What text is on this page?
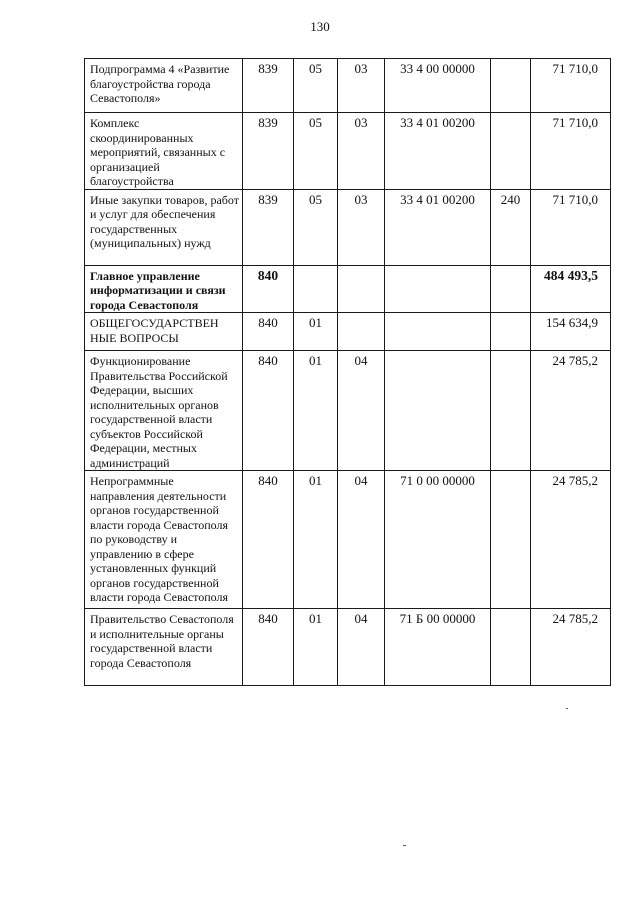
130
Подпрограмма 4 «Развитие благоустройства города Севастополя»	839	05	03	33 4 00 00000		71 710,0
Комплекс скоординированных мероприятий, связанных с организацией благоустройства	839	05	03	33 4 01 00200		71 710,0
Иные закупки товаров, работ и услуг для обеспечения государственных (муниципальных) нужд	839	05	03	33 4 01 00200	240	71 710,0
Главное управление информатизации и связи города Севастополя	840					484 493,5
ОБЩЕГОСУДАРСТВЕН НЫЕ ВОПРОСЫ	840	01				154 634,9
Функционирование Правительства Российской Федерации, высших исполнительных органов государственной власти субъектов Российской Федерации, местных администраций	840	01	04			24 785,2
Непрограммные направления деятельности органов государственной власти города Севастополя по руководству и управлению в сфере установленных функций органов государственной власти города Севастополя	840	01	04	71 0 00 00000		24 785,2
Правительство Севастополя и исполнительные органы государственной власти города Севастополя	840	01	04	71 Б 00 00000		24 785,2
